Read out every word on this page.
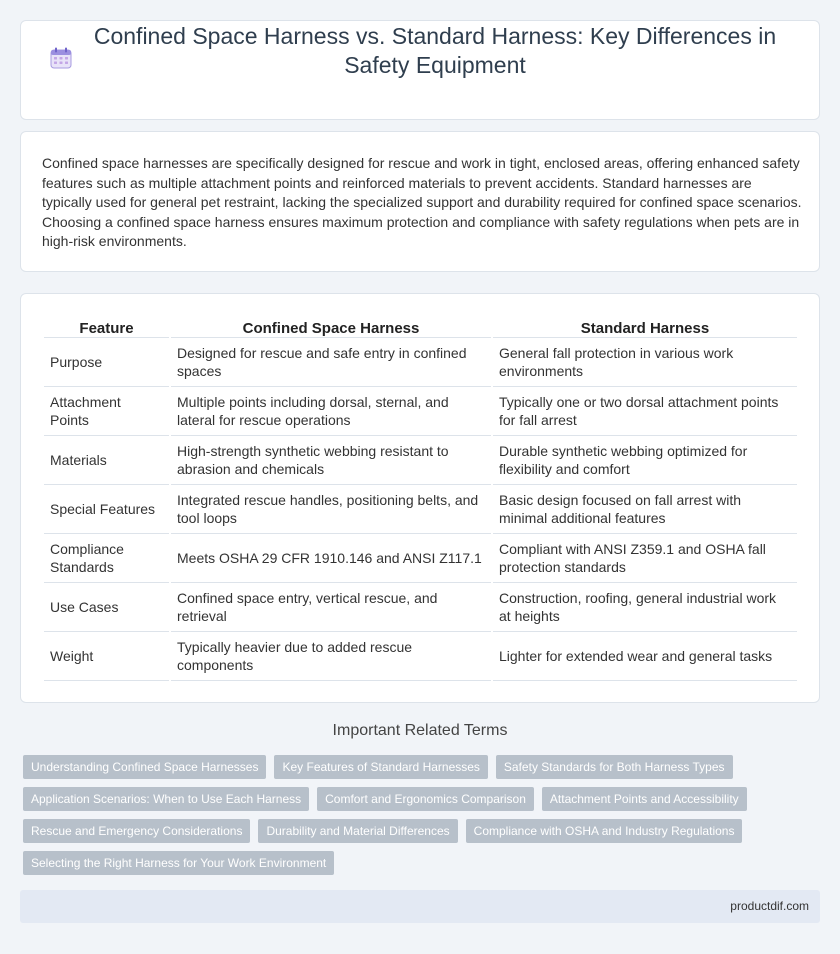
Confined Space Harness vs. Standard Harness: Key Differences in Safety Equipment

Confined space harnesses are specifically designed for rescue and work in tight, enclosed areas, offering enhanced safety features such as multiple attachment points and reinforced materials to prevent accidents. Standard harnesses are typically used for general pet restraint, lacking the specialized support and durability required for confined space scenarios. Choosing a confined space harness ensures maximum protection and compliance with safety regulations when pets are in high-risk environments.

Feature	Confined Space Harness	Standard Harness
Purpose	Designed for rescue and safe entry in confined spaces	General fall protection in various work environments
Attachment Points	Multiple points including dorsal, sternal, and lateral for rescue operations	Typically one or two dorsal attachment points for fall arrest
Materials	High-strength synthetic webbing resistant to abrasion and chemicals	Durable synthetic webbing optimized for flexibility and comfort
Special Features	Integrated rescue handles, positioning belts, and tool loops	Basic design focused on fall arrest with minimal additional features
Compliance Standards	Meets OSHA 29 CFR 1910.146 and ANSI Z117.1	Compliant with ANSI Z359.1 and OSHA fall protection standards
Use Cases	Confined space entry, vertical rescue, and retrieval	Construction, roofing, general industrial work at heights
Weight	Typically heavier due to added rescue components	Lighter for extended wear and general tasks
Important Related Terms
Understanding Confined Space Harnesses	Key Features of Standard Harnesses	Safety Standards for Both Harness Types
Application Scenarios: When to Use Each Harness	Comfort and Ergonomics Comparison	Attachment Points and Accessibility
Rescue and Emergency Considerations	Durability and Material Differences	Compliance with OSHA and Industry Regulations
Selecting the Right Harness for Your Work Environment
productdif.com
